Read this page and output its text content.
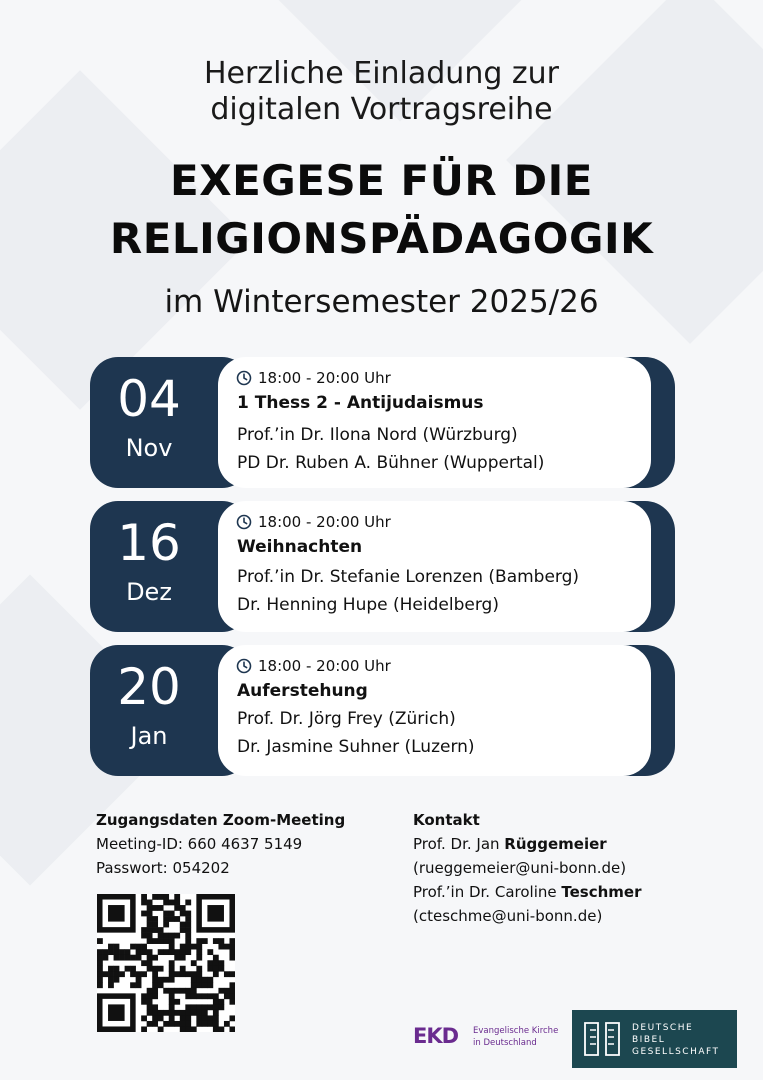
Herzliche Einladung zur
digitalen Vortragsreihe
EXEGESE FÜR DIE
RELIGIONSPÄDAGOGIK
im Wintersemester 2025/26
04
Nov
18:00 - 20:00 Uhr
1 Thess 2 - Antijudaismus
Prof.’in Dr. Ilona Nord (Würzburg)
PD Dr. Ruben A. Bühner (Wuppertal)
16
Dez
18:00 - 20:00 Uhr
Weihnachten
Prof.’in Dr. Stefanie Lorenzen (Bamberg)
Dr. Henning Hupe (Heidelberg)
20
Jan
18:00 - 20:00 Uhr
Auferstehung
Prof. Dr. Jörg Frey (Zürich)
Dr. Jasmine Suhner (Luzern)
Zugangsdaten Zoom-Meeting
Meeting-ID: 660 4637 5149
Passwort: 054202
Kontakt
Prof. Dr. Jan Rüggemeier
(rueggemeier@uni-bonn.de)
Prof.’in Dr. Caroline Teschmer
(cteschme@uni-bonn.de)
EKD Evangelische Kirche
in Deutschland
DEUTSCHE
BIBEL
GESELLSCHAFT
